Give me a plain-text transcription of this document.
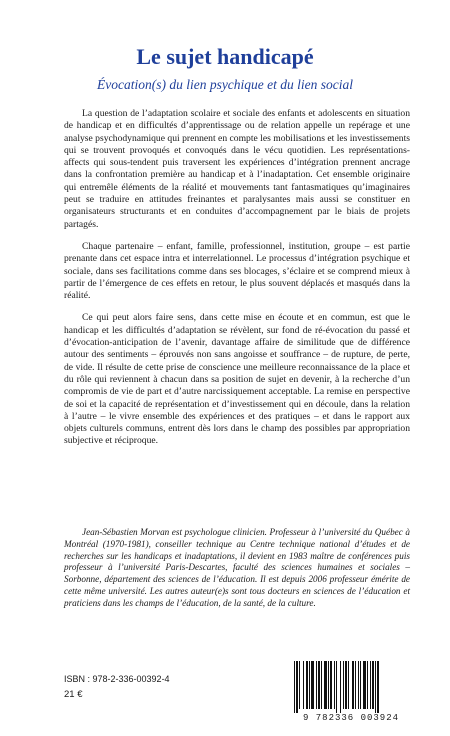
Le sujet handicapé
Évocation(s) du lien psychique et du lien social

La question de l’adaptation scolaire et sociale des enfants et adolescents en situation de handicap et en difficultés d’apprentissage ou de relation appelle un repérage et une analyse psychodynamique qui prennent en compte les mobilisations et les investissements qui se trouvent provoqués et convoqués dans le vécu quotidien. Les représentations-affects qui sous-tendent puis traversent les expériences d’intégration prennent ancrage dans la confrontation première au handicap et à l’inadaptation. Cet ensemble originaire qui entremêle éléments de la réalité et mouvements tant fantasmatiques qu’imaginaires peut se traduire en attitudes freinantes et paralysantes mais aussi se constituer en organisateurs structurants et en conduites d’accompagnement par le biais de projets partagés.

Chaque partenaire – enfant, famille, professionnel, institution, groupe – est partie prenante dans cet espace intra et interrelationnel. Le processus d’intégration psychique et sociale, dans ses facilitations comme dans ses blocages, s’éclaire et se comprend mieux à partir de l’émergence de ces effets en retour, le plus souvent déplacés et masqués dans la réalité.

Ce qui peut alors faire sens, dans cette mise en écoute et en commun, est que le handicap et les difficultés d’adaptation se révèlent, sur fond de ré-évocation du passé et d’évocation-anticipation de l’avenir, davantage affaire de similitude que de différence autour des sentiments – éprouvés non sans angoisse et souffrance – de rupture, de perte, de vide. Il résulte de cette prise de conscience une meilleure reconnaissance de la place et du rôle qui reviennent à chacun dans sa position de sujet en devenir, à la recherche d’un compromis de vie de part et d’autre narcissiquement acceptable. La remise en perspective de soi et la capacité de représentation et d’investissement qui en découle, dans la relation à l’autre – le vivre ensemble des expériences et des pratiques – et dans le rapport aux objets culturels communs, entrent dès lors dans le champ des possibles par appropriation subjective et réciproque.

Jean-Sébastien Morvan est psychologue clinicien. Professeur à l’université du Québec à Montréal (1970-1981), conseiller technique au Centre technique national d’études et de recherches sur les handicaps et inadaptations, il devient en 1983 maître de conférences puis professeur à l’université Paris-Descartes, faculté des sciences humaines et sociales – Sorbonne, département des sciences de l’éducation. Il est depuis 2006 professeur émérite de cette même université. Les autres auteur(e)s sont tous docteurs en sciences de l’éducation et praticiens dans les champs de l’éducation, de la santé, de la culture.

ISBN : 978-2-336-00392-4
21 €
9 782336 003924
